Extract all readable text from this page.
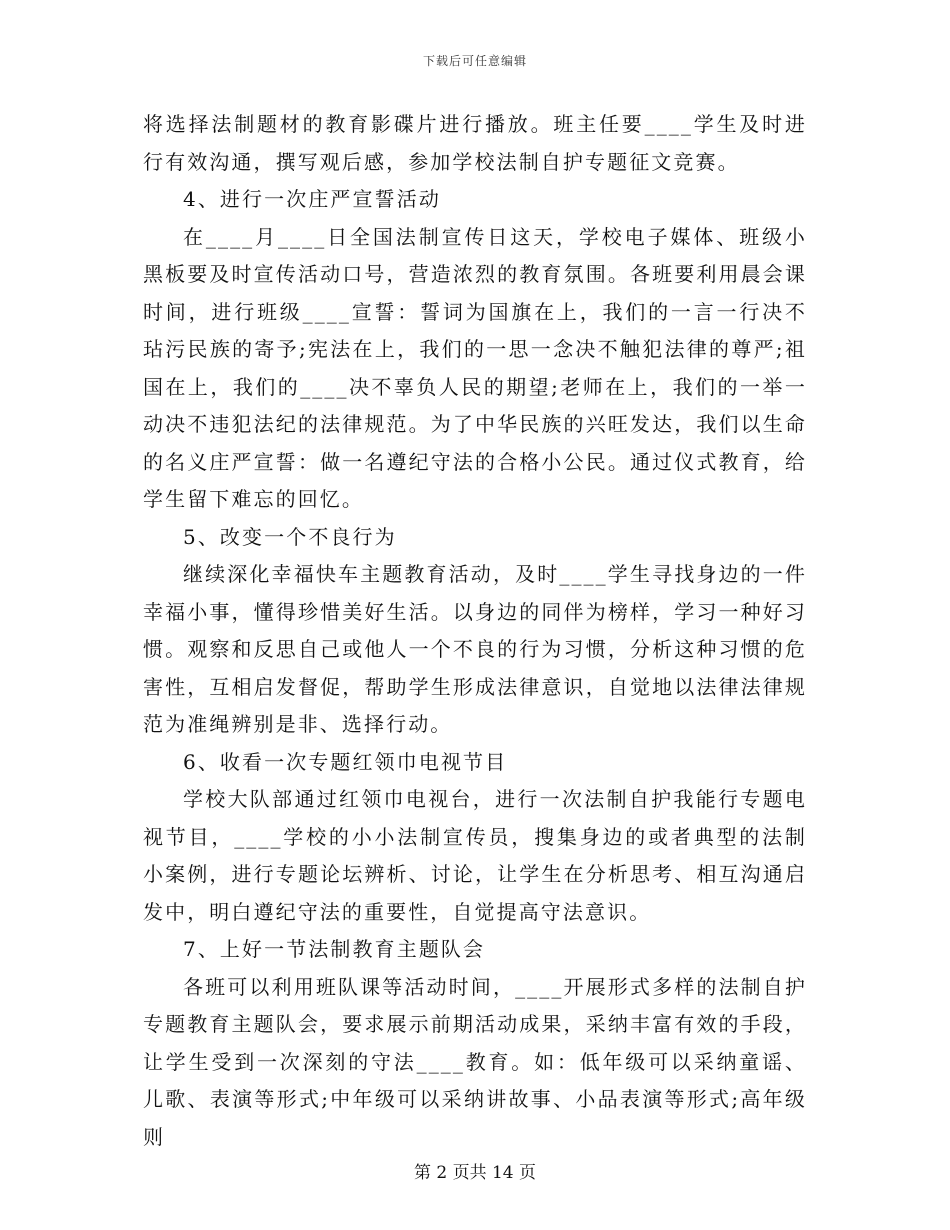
下载后可任意编辑

将选择法制题材的教育影碟片进行播放。班主任要____学生及时进行有效沟通，撰写观后感，参加学校法制自护专题征文竞赛。

4、进行一次庄严宣誓活动

在____月____日全国法制宣传日这天，学校电子媒体、班级小黑板要及时宣传活动口号，营造浓烈的教育氛围。各班要利用晨会课时间，进行班级____宣誓：誓词为国旗在上，我们的一言一行决不玷污民族的寄予;宪法在上，我们的一思一念决不触犯法律的尊严;祖国在上，我们的____决不辜负人民的期望;老师在上，我们的一举一动决不违犯法纪的法律规范。为了中华民族的兴旺发达，我们以生命的名义庄严宣誓：做一名遵纪守法的合格小公民。通过仪式教育，给学生留下难忘的回忆。

5、改变一个不良行为

继续深化幸福快车主题教育活动，及时____学生寻找身边的一件幸福小事，懂得珍惜美好生活。以身边的同伴为榜样，学习一种好习惯。观察和反思自己或他人一个不良的行为习惯，分析这种习惯的危害性，互相启发督促，帮助学生形成法律意识，自觉地以法律法律规范为准绳辨别是非、选择行动。

6、收看一次专题红领巾电视节目

学校大队部通过红领巾电视台，进行一次法制自护我能行专题电视节目，____学校的小小法制宣传员，搜集身边的或者典型的法制小案例，进行专题论坛辨析、讨论，让学生在分析思考、相互沟通启发中，明白遵纪守法的重要性，自觉提高守法意识。

7、上好一节法制教育主题队会

各班可以利用班队课等活动时间，____开展形式多样的法制自护专题教育主题队会，要求展示前期活动成果，采纳丰富有效的手段，让学生受到一次深刻的守法____教育。如：低年级可以采纳童谣、儿歌、表演等形式;中年级可以采纳讲故事、小品表演等形式;高年级则

第 2 页共 14 页
